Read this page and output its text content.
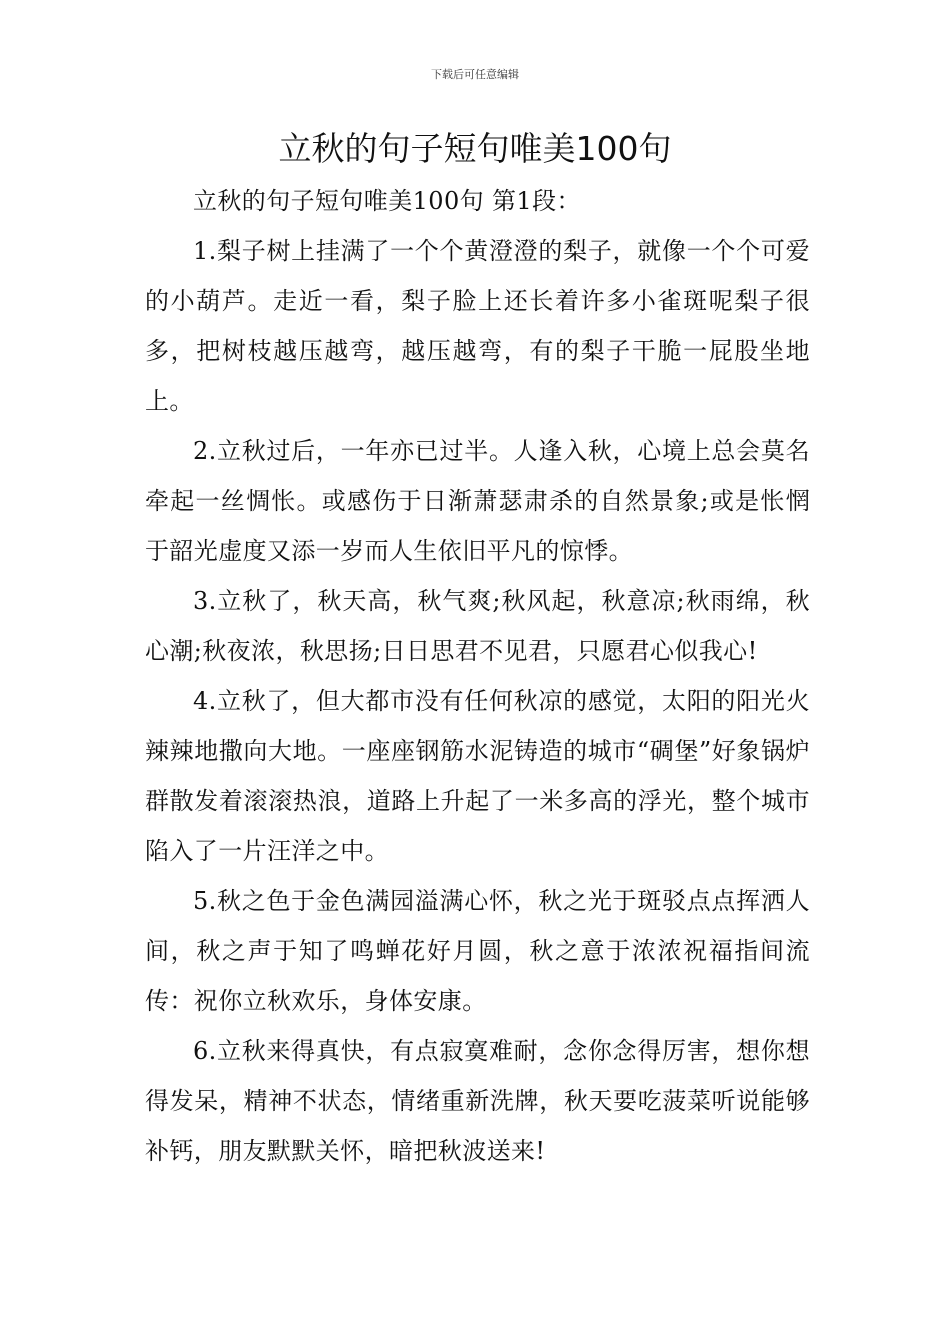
下载后可任意编辑
立秋的句子短句唯美100句

立秋的句子短句唯美100句 第1段：

1.梨子树上挂满了一个个黄澄澄的梨子，就像一个个可爱的小葫芦。走近一看，梨子脸上还长着许多小雀斑呢梨子很多，把树枝越压越弯，越压越弯，有的梨子干脆一屁股坐地上。

2.立秋过后，一年亦已过半。人逢入秋，心境上总会莫名牵起一丝惆怅。或感伤于日渐萧瑟肃杀的自然景象;或是怅惘于韶光虚度又添一岁而人生依旧平凡的惊悸。

3.立秋了，秋天高，秋气爽;秋风起，秋意凉;秋雨绵，秋心潮;秋夜浓，秋思扬;日日思君不见君，只愿君心似我心!

4.立秋了，但大都市没有任何秋凉的感觉，太阳的阳光火辣辣地撒向大地。一座座钢筋水泥铸造的城市“碉堡”好象锅炉群散发着滚滚热浪，道路上升起了一米多高的浮光，整个城市陷入了一片汪洋之中。

5.秋之色于金色满园溢满心怀，秋之光于斑驳点点挥洒人间，秋之声于知了鸣蝉花好月圆，秋之意于浓浓祝福指间流传：祝你立秋欢乐，身体安康。

6.立秋来得真快，有点寂寞难耐，念你念得厉害，想你想得发呆，精神不状态，情绪重新洗牌，秋天要吃菠菜听说能够补钙，朋友默默关怀，暗把秋波送来!
